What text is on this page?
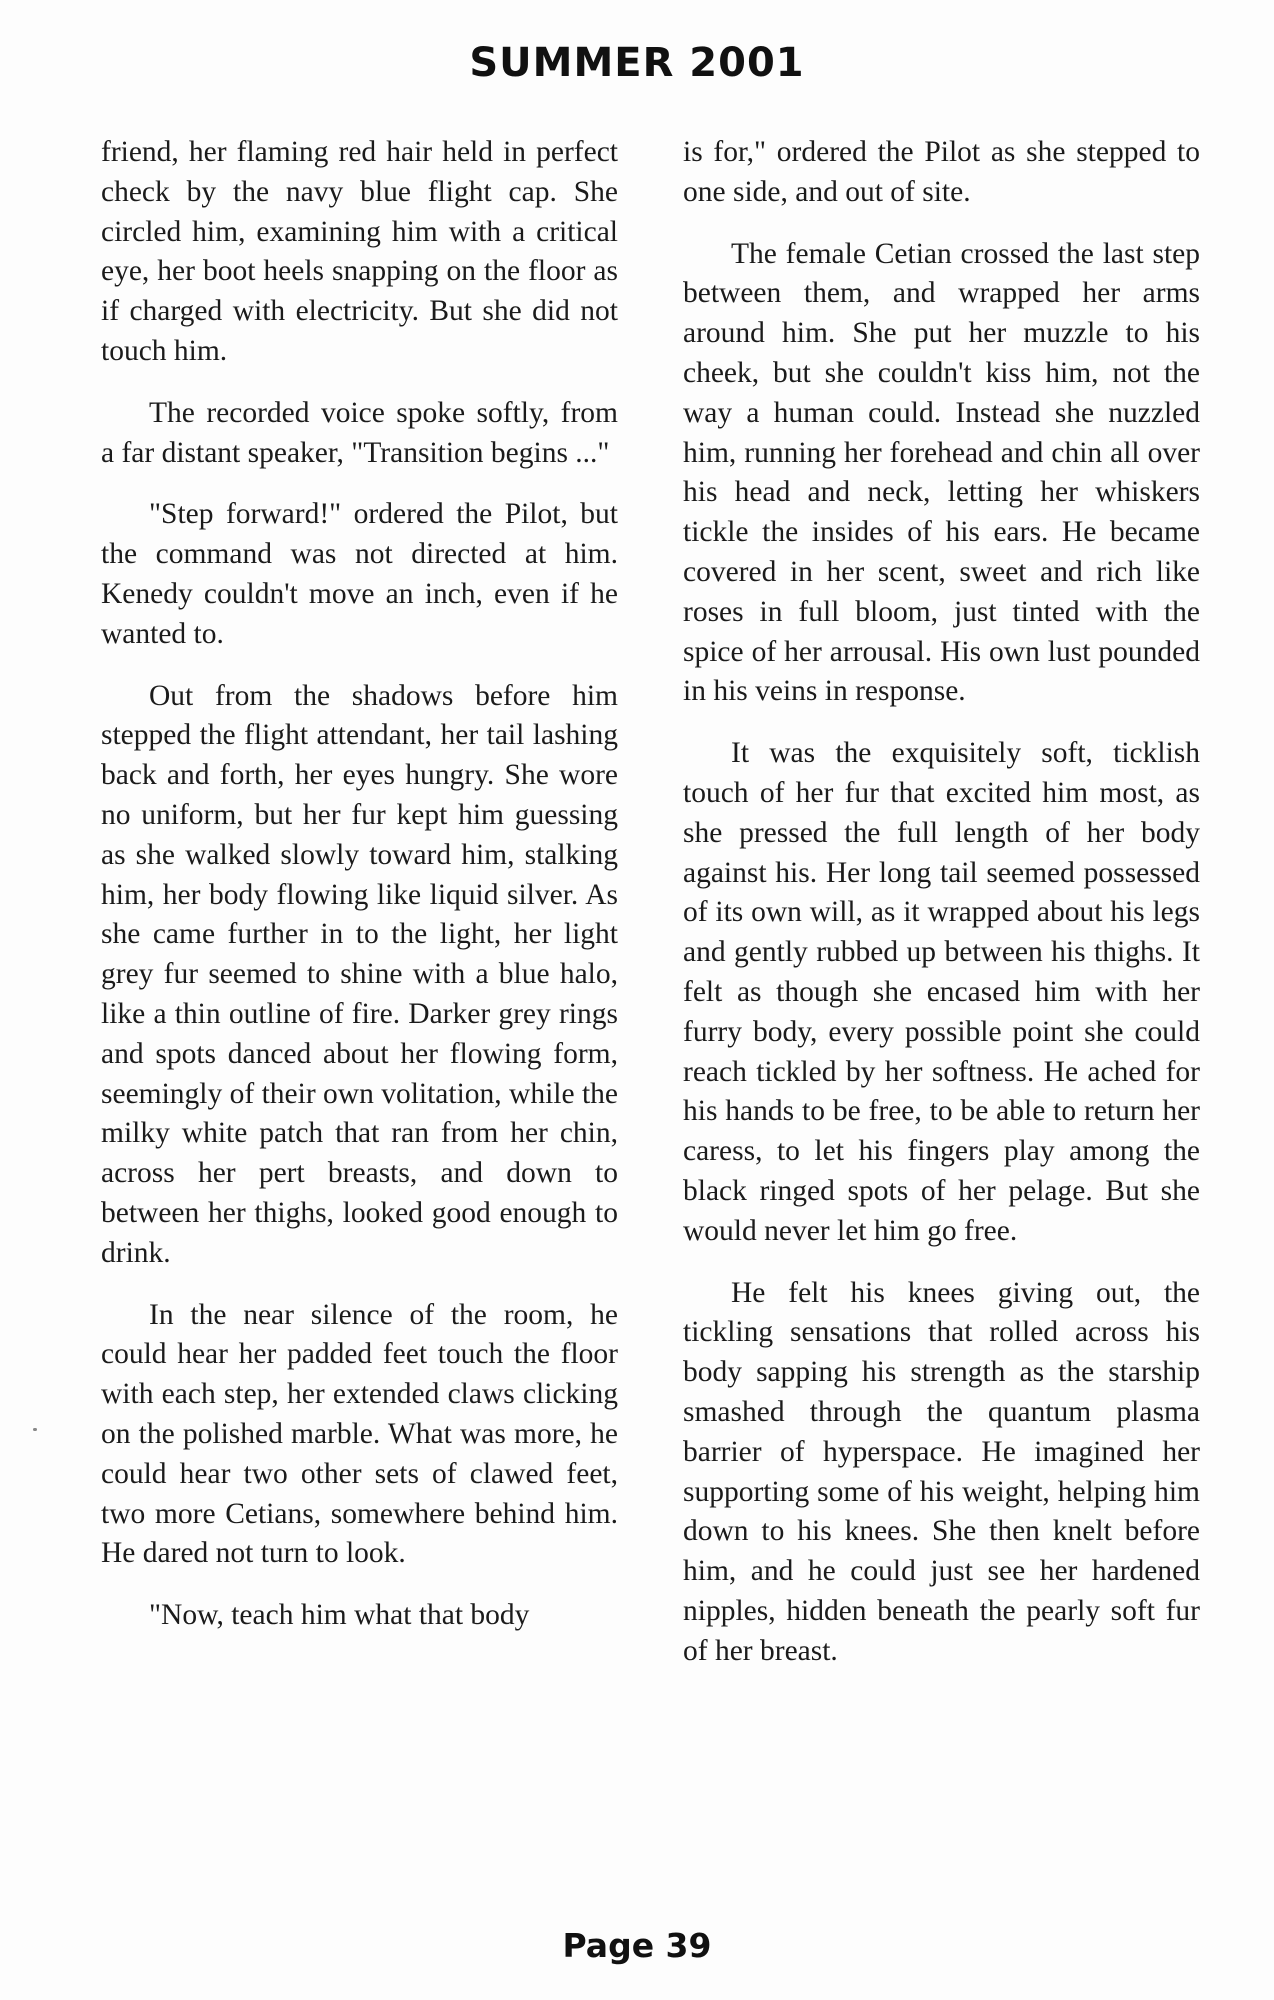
SUMMER 2001

friend, her flaming red hair held in perfect check by the navy blue flight cap. She circled him, examining him with a critical eye, her boot heels snapping on the floor as if charged with electricity. But she did not touch him.

The recorded voice spoke softly, from a far distant speaker, "Transition begins ..."

"Step forward!" ordered the Pilot, but the command was not directed at him. Kenedy couldn't move an inch, even if he wanted to.

Out from the shadows before him stepped the flight attendant, her tail lashing back and forth, her eyes hungry. She wore no uniform, but her fur kept him guessing as she walked slowly toward him, stalking him, her body flowing like liquid silver. As she came further in to the light, her light grey fur seemed to shine with a blue halo, like a thin outline of fire. Darker grey rings and spots danced about her flowing form, seemingly of their own volitation, while the milky white patch that ran from her chin, across her pert breasts, and down to between her thighs, looked good enough to drink.

In the near silence of the room, he could hear her padded feet touch the floor with each step, her extended claws clicking on the polished marble. What was more, he could hear two other sets of clawed feet, two more Cetians, somewhere behind him. He dared not turn to look.

"Now, teach him what that body

is for," ordered the Pilot as she stepped to one side, and out of site.

The female Cetian crossed the last step between them, and wrapped her arms around him. She put her muzzle to his cheek, but she couldn't kiss him, not the way a human could. Instead she nuzzled him, running her forehead and chin all over his head and neck, letting her whiskers tickle the insides of his ears. He became covered in her scent, sweet and rich like roses in full bloom, just tinted with the spice of her arrousal. His own lust pounded in his veins in response.

It was the exquisitely soft, ticklish touch of her fur that excited him most, as she pressed the full length of her body against his. Her long tail seemed possessed of its own will, as it wrapped about his legs and gently rubbed up between his thighs. It felt as though she encased him with her furry body, every possible point she could reach tickled by her softness. He ached for his hands to be free, to be able to return her caress, to let his fingers play among the black ringed spots of her pelage. But she would never let him go free.

He felt his knees giving out, the tickling sensations that rolled across his body sapping his strength as the starship smashed through the quantum plasma barrier of hyperspace. He imagined her supporting some of his weight, helping him down to his knees. She then knelt before him, and he could just see her hardened nipples, hidden beneath the pearly soft fur of her breast.

Page 39
